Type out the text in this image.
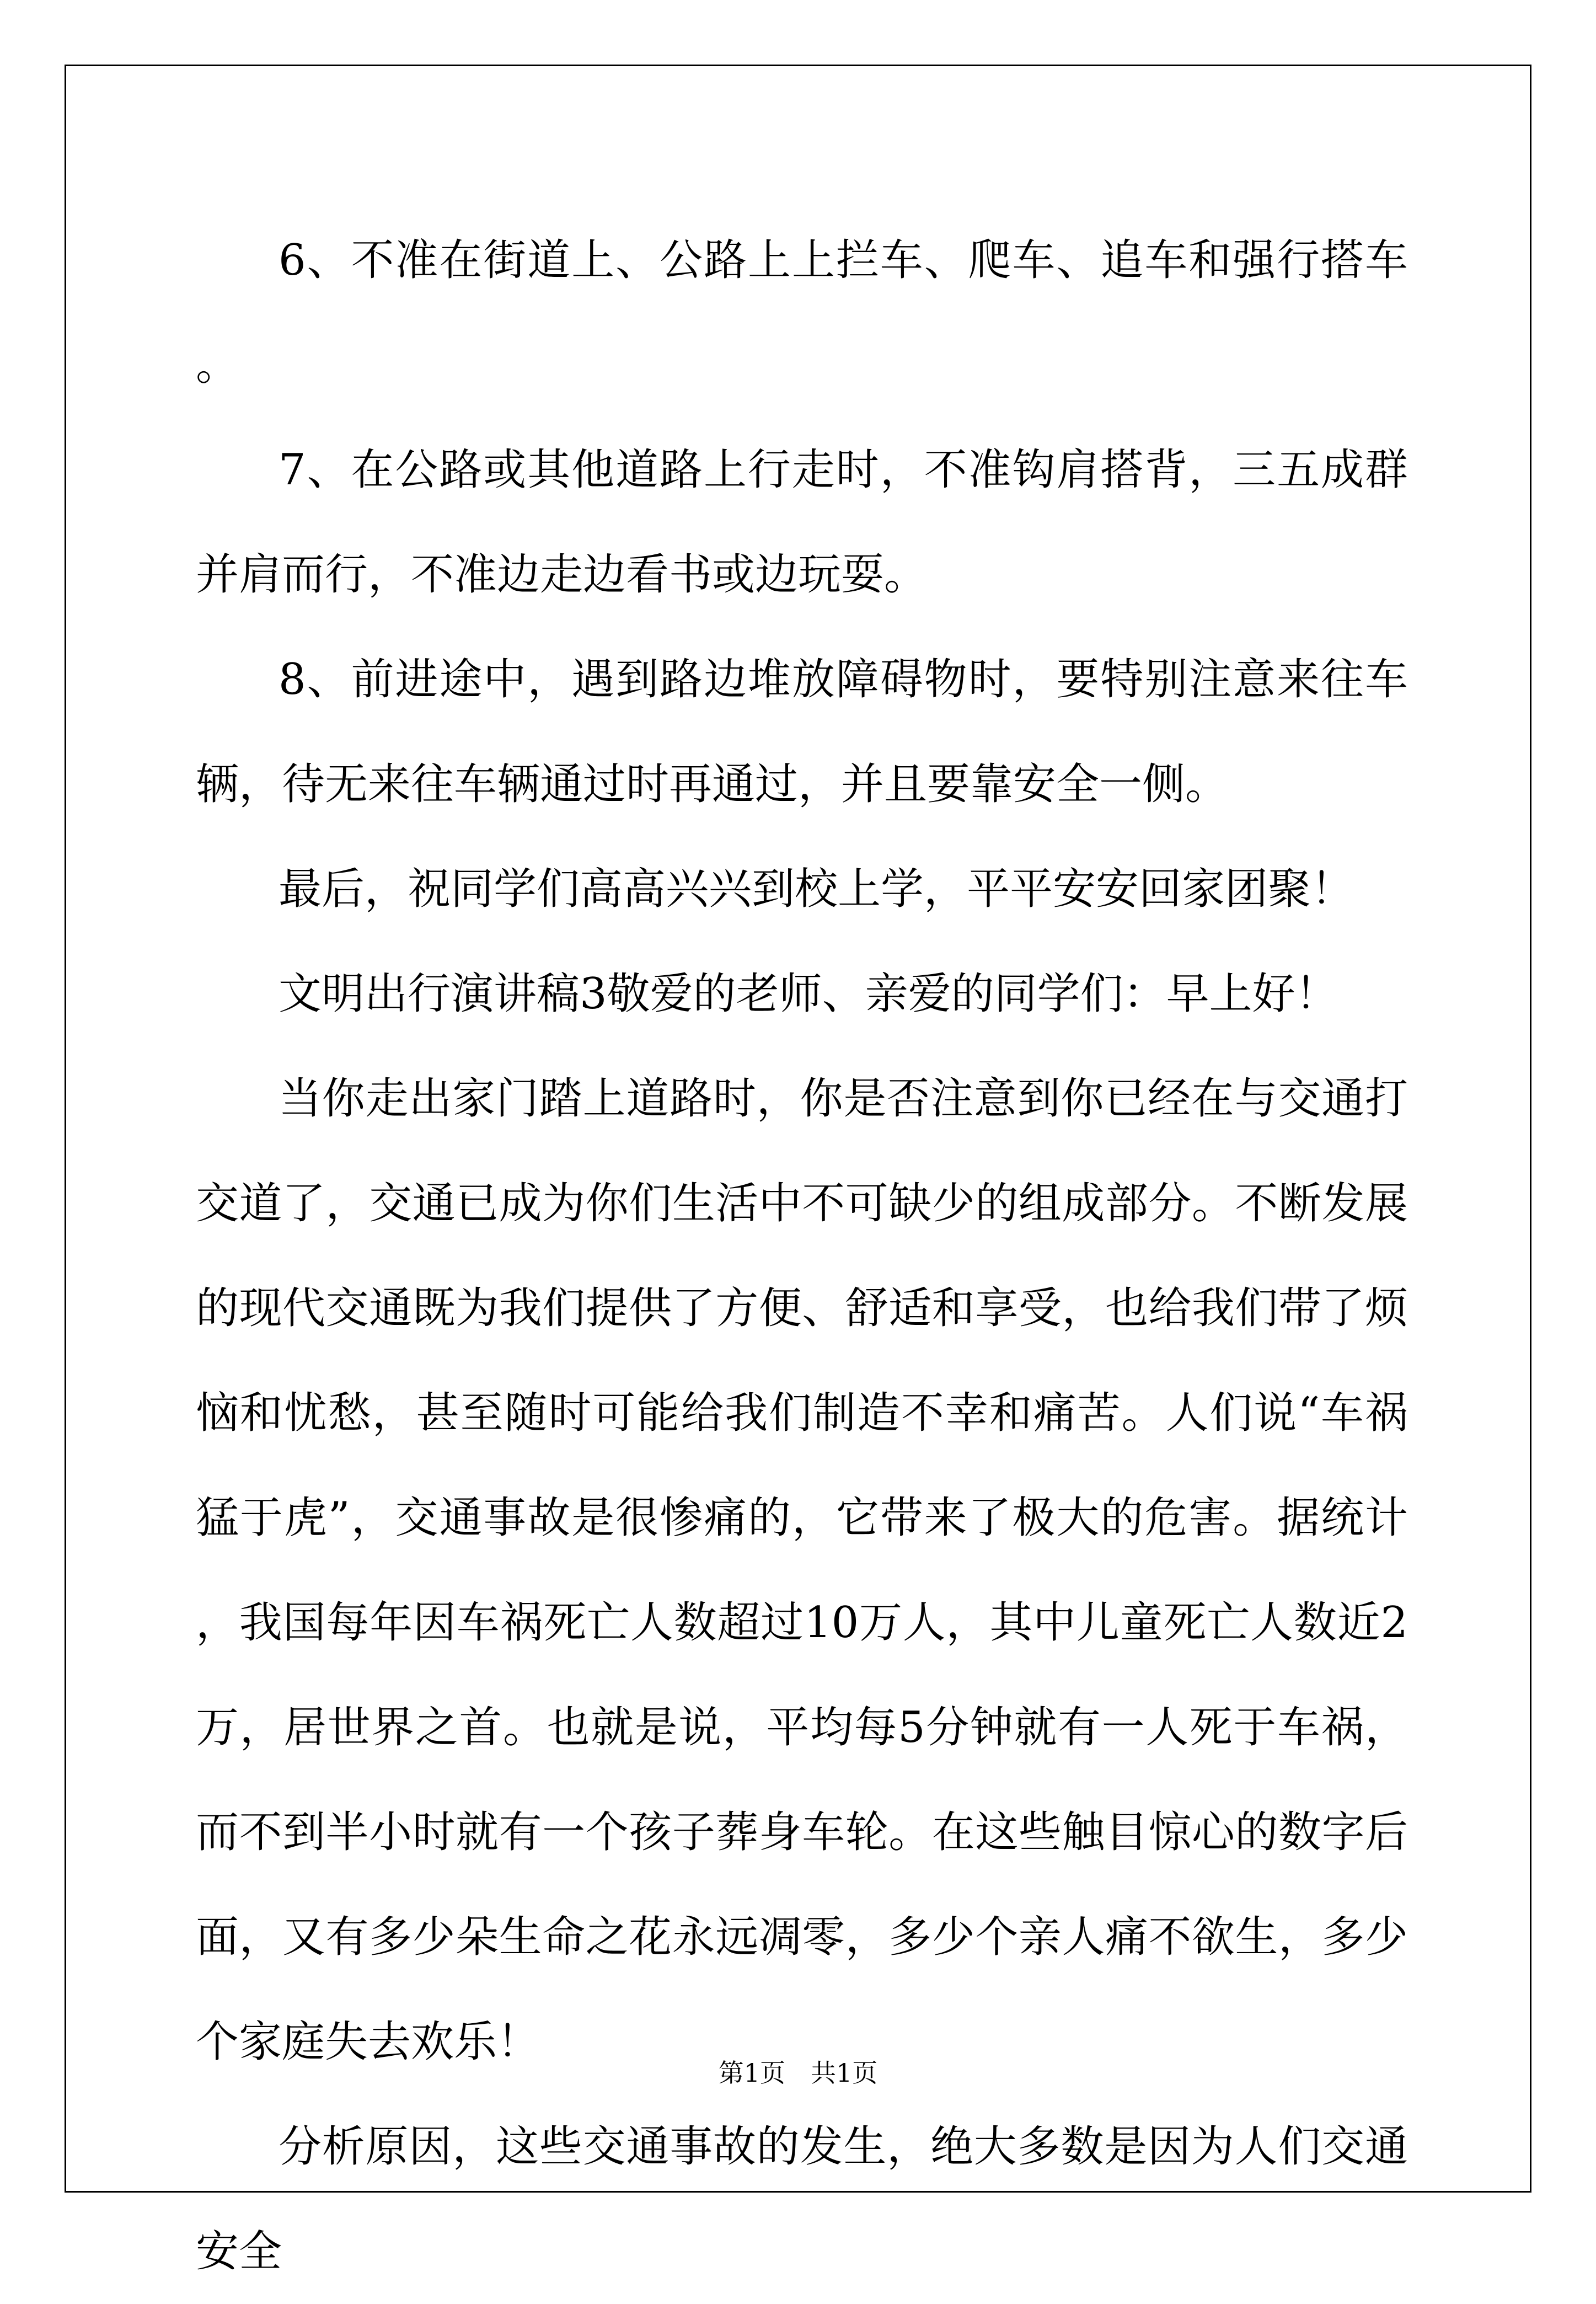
6、不准在街道上、公路上上拦车、爬车、追车和强行搭车。

7、在公路或其他道路上行走时，不准钩肩搭背，三五成群并肩而行，不准边走边看书或边玩耍。

8、前进途中，遇到路边堆放障碍物时，要特别注意来往车辆，待无来往车辆通过时再通过，并且要靠安全一侧。

最后，祝同学们高高兴兴到校上学，平平安安回家团聚！

文明出行演讲稿3敬爱的老师、亲爱的同学们：早上好！

当你走出家门踏上道路时，你是否注意到你已经在与交通打交道了，交通已成为你们生活中不可缺少的组成部分。不断发展的现代交通既为我们提供了方便、舒适和享受，也给我们带了烦恼和忧愁，甚至随时可能给我们制造不幸和痛苦。人们说“车祸猛于虎”，交通事故是很惨痛的，它带来了极大的危害。据统计，我国每年因车祸死亡人数超过10万人，其中儿童死亡人数近2万，居世界之首。也就是说，平均每5分钟就有一人死于车祸，而不到半小时就有一个孩子葬身车轮。在这些触目惊心的数字后面，又有多少朵生命之花永远凋零，多少个亲人痛不欲生，多少个家庭失去欢乐！

分析原因，这些交通事故的发生，绝大多数是因为人们交通安全

第1页　共1页
